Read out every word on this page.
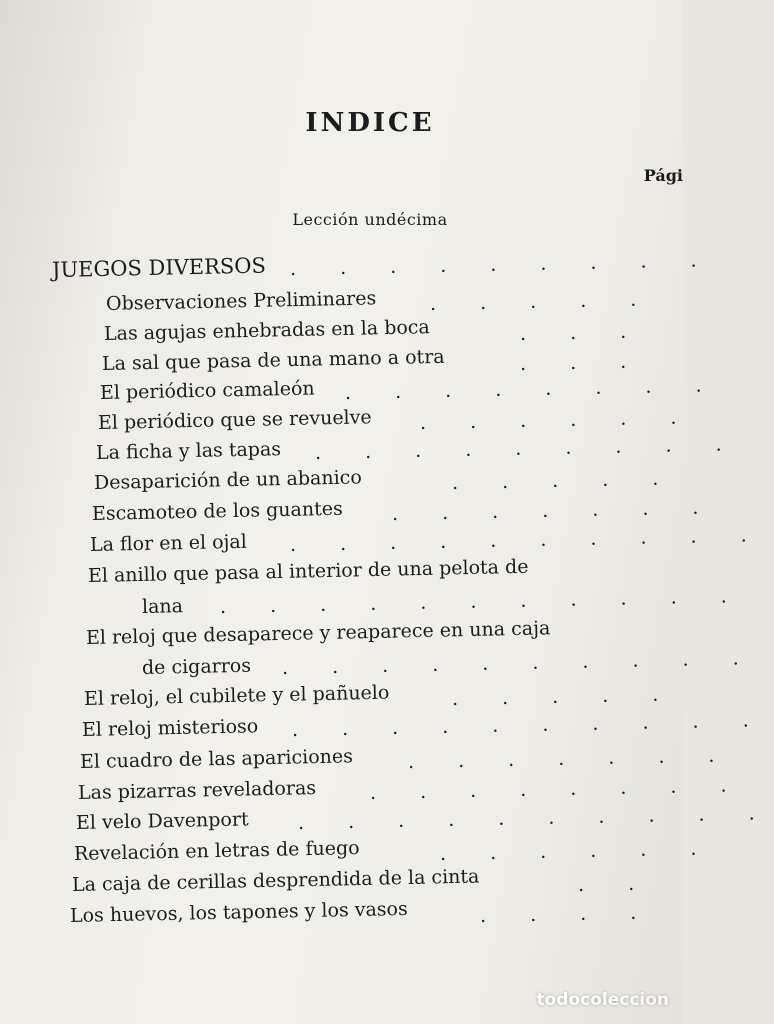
INDICE
Pági
Lección undécima
JUEGOS DIVERSOS . . . . . . . . .
Observaciones Preliminares	. . . . .
Las agujas enhebradas en la boca	. . .
La sal que pasa de una mano a otra	. . .
El periódico camaleón . . . . . . . .
El periódico que se revuelve	. . . . . .
La ficha y las tapas . . . . . . . . .
Desaparición de un abanico	. . . . .
Escamoteo de los guantes	. . . . . . .
La flor en el ojal . . . . . . . . . .
El anillo que pasa al interior de una pelota de
lana . . . . . . . . . . .
El reloj que desaparece y reaparece en una caja
de cigarros . . . . . . . . . .
El reloj, el cubilete y el pañuelo	. . . . .
El reloj misterioso . . . . . . . . . .
El cuadro de las apariciones	. . . . . . .
Las pizarras reveladoras	. . . . . . . .
El velo Davenport	. . . . . . . . . .
Revelación en letras de fuego	. . . . . .
La caja de cerillas desprendida de la cinta	. .
Los huevos, los tapones y los vasos	. . . .
todocoleccion
